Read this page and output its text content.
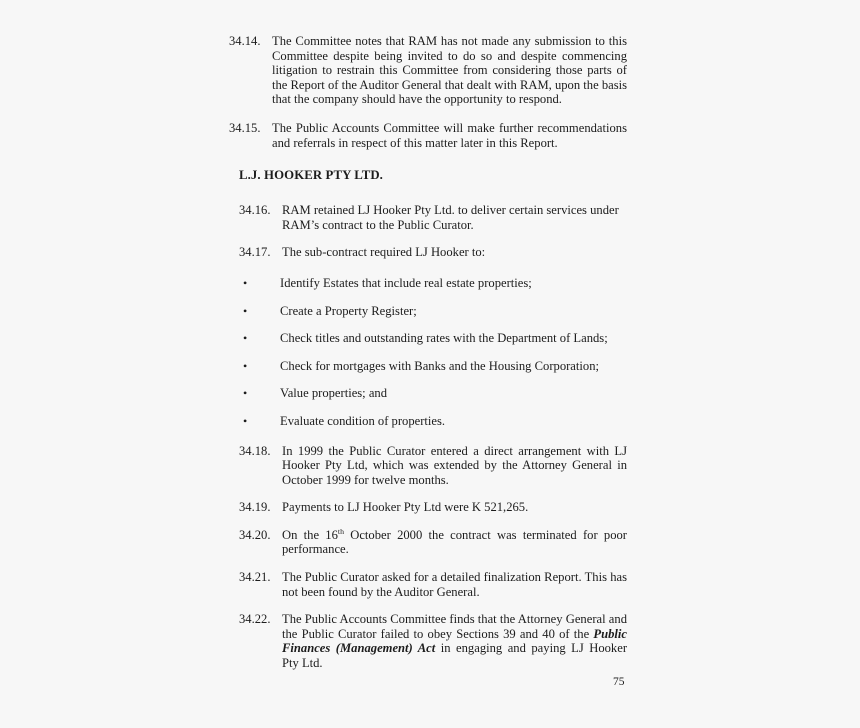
34.14. The Committee notes that RAM has not made any submission to this Committee despite being invited to do so and despite commencing litigation to restrain this Committee from considering those parts of the Report of the Auditor General that dealt with RAM, upon the basis that the company should have the opportunity to respond.
34.15. The Public Accounts Committee will make further recommendations and referrals in respect of this matter later in this Report.
L.J. HOOKER PTY LTD.
34.16. RAM retained LJ Hooker Pty Ltd. to deliver certain services under RAM’s contract to the Public Curator.
34.17. The sub-contract required LJ Hooker to:
•	Identify Estates that include real estate properties;
•	Create a Property Register;
•	Check titles and outstanding rates with the Department of Lands;
•	Check for mortgages with Banks and the Housing Corporation;
•	Value properties; and
•	Evaluate condition of properties.
34.18. In 1999 the Public Curator entered a direct arrangement with LJ Hooker Pty Ltd, which was extended by the Attorney General in October 1999 for twelve months.
34.19. Payments to LJ Hooker Pty Ltd were K 521,265.
34.20. On the 16th October 2000 the contract was terminated for poor performance.
34.21. The Public Curator asked for a detailed finalization Report. This has not been found by the Auditor General.
34.22. The Public Accounts Committee finds that the Attorney General and the Public Curator failed to obey Sections 39 and 40 of the Public Finances (Management) Act in engaging and paying LJ Hooker Pty Ltd.
75
